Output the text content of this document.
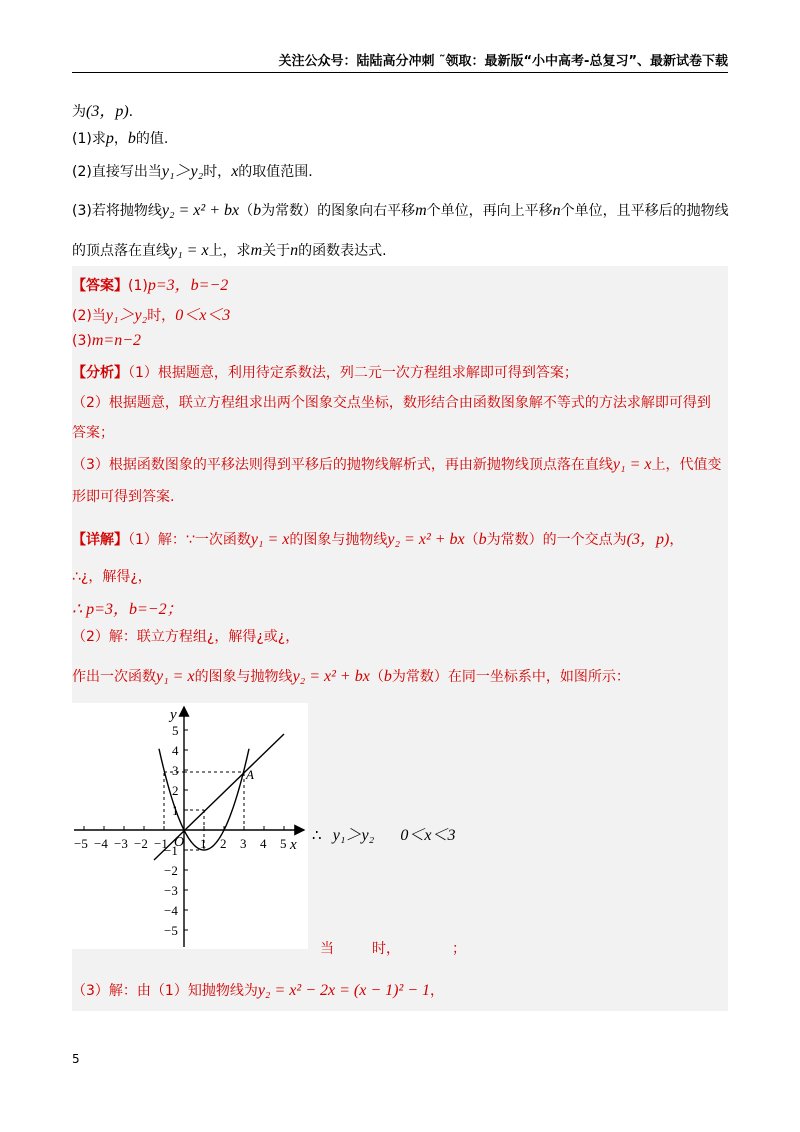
关注公众号：陆陆高分冲刺 ˜领取：最新版“小中高考-总复习”、最新试卷下载
为(3，p).
(1)求p，b的值.
(2)直接写出当y₁＞y₂时，x的取值范围.
(3)若将抛物线y₂ = x² + bx（b为常数）的图象向右平移m个单位，再向上平移n个单位，且平移后的抛物线
的顶点落在直线y₁ = x上，求m关于n的函数表达式.
【答案】(1)p=3，b=−2
(2)当y₁＞y₂时，0＜x＜3
(3)m=n−2
【分析】（1）根据题意，利用待定系数法，列二元一次方程组求解即可得到答案；
（2）根据题意，联立方程组求出两个图象交点坐标，数形结合由函数图象解不等式的方法求解即可得到
答案；
（3）根据函数图象的平移法则得到平移后的抛物线解析式，再由新抛物线顶点落在直线y₁ = x上，代值变
形即可得到答案.
【详解】（1）解：∵一次函数y₁ = x的图象与抛物线y₂ = x² + bx（b为常数）的一个交点为(3，p)，
∴¿，解得¿，
∴ p=3，b=−2；
（2）解：联立方程组¿，解得¿或¿，
作出一次函数y₁ = x的图象与抛物线y₂ = x² + bx（b为常数）在同一坐标系中，如图所示：
x
y
O
A
−5 −4 −3 −2 −1 1 2 3 4 5
5
4
3
2
1
−1
−2
−3
−4
−5
∴ y₁＞y₂ 0＜x＜3
当	时，	；
（3）解：由（1）知抛物线为y₂ = x² − 2x = (x − 1)² − 1，
5
